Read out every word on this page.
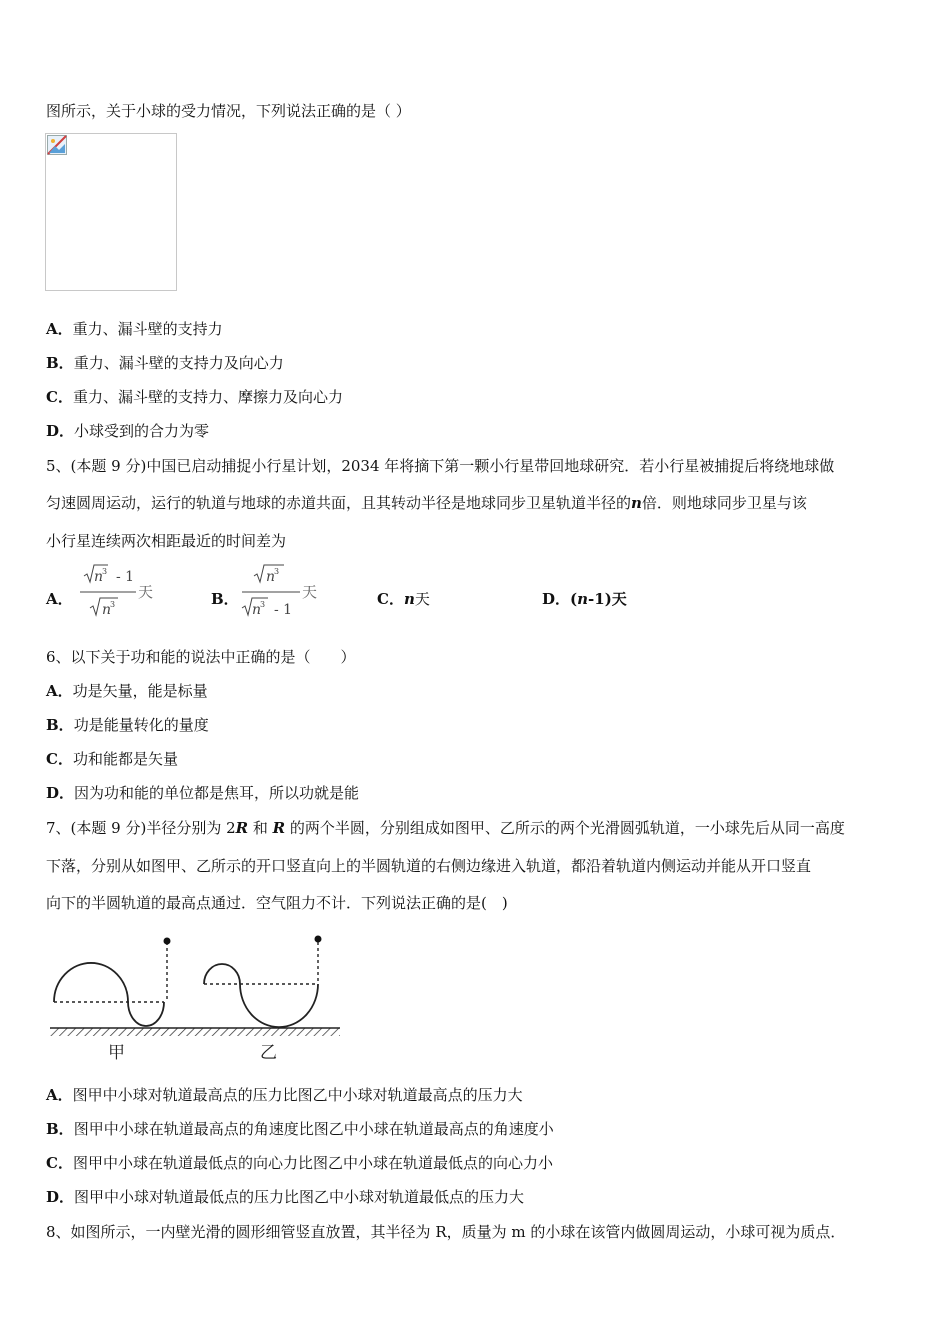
图所示，关于小球的受力情况，下列说法正确的是（ ）
A．重力、漏斗壁的支持力
B．重力、漏斗壁的支持力及向心力
C．重力、漏斗壁的支持力、摩擦力及向心力
D．小球受到的合力为零
5、(本题 9 分)中国已启动捕捉小行星计划，2034 年将摘下第一颗小行星带回地球研究．若小行星被捕捉后将绕地球做
匀速圆周运动，运行的轨道与地球的赤道共面，且其转动半径是地球同步卫星轨道半径的n倍．则地球同步卫星与该
小行星连续两次相距最近的时间差为
A．
n
3 - 1
n
3
天	B．
n
3
n
3 - 1
天	C．n天	D．(n-1)天
6、以下关于功和能的说法中正确的是（　　）
A．功是矢量，能是标量
B．功是能量转化的量度
C．功和能都是矢量
D．因为功和能的单位都是焦耳，所以功就是能
7、(本题 9 分)半径分别为 2R 和 R 的两个半圆，分别组成如图甲、乙所示的两个光滑圆弧轨道，一小球先后从同一高度
下落，分别从如图甲、乙所示的开口竖直向上的半圆轨道的右侧边缘进入轨道，都沿着轨道内侧运动并能从开口竖直
向下的半圆轨道的最高点通过．空气阻力不计．下列说法正确的是(　)
甲	乙
A．图甲中小球对轨道最高点的压力比图乙中小球对轨道最高点的压力大
B．图甲中小球在轨道最高点的角速度比图乙中小球在轨道最高点的角速度小
C．图甲中小球在轨道最低点的向心力比图乙中小球在轨道最低点的向心力小
D．图甲中小球对轨道最低点的压力比图乙中小球对轨道最低点的压力大
8、如图所示，一内壁光滑的圆形细管竖直放置，其半径为 R，质量为 m 的小球在该管内做圆周运动，小球可视为质点．
